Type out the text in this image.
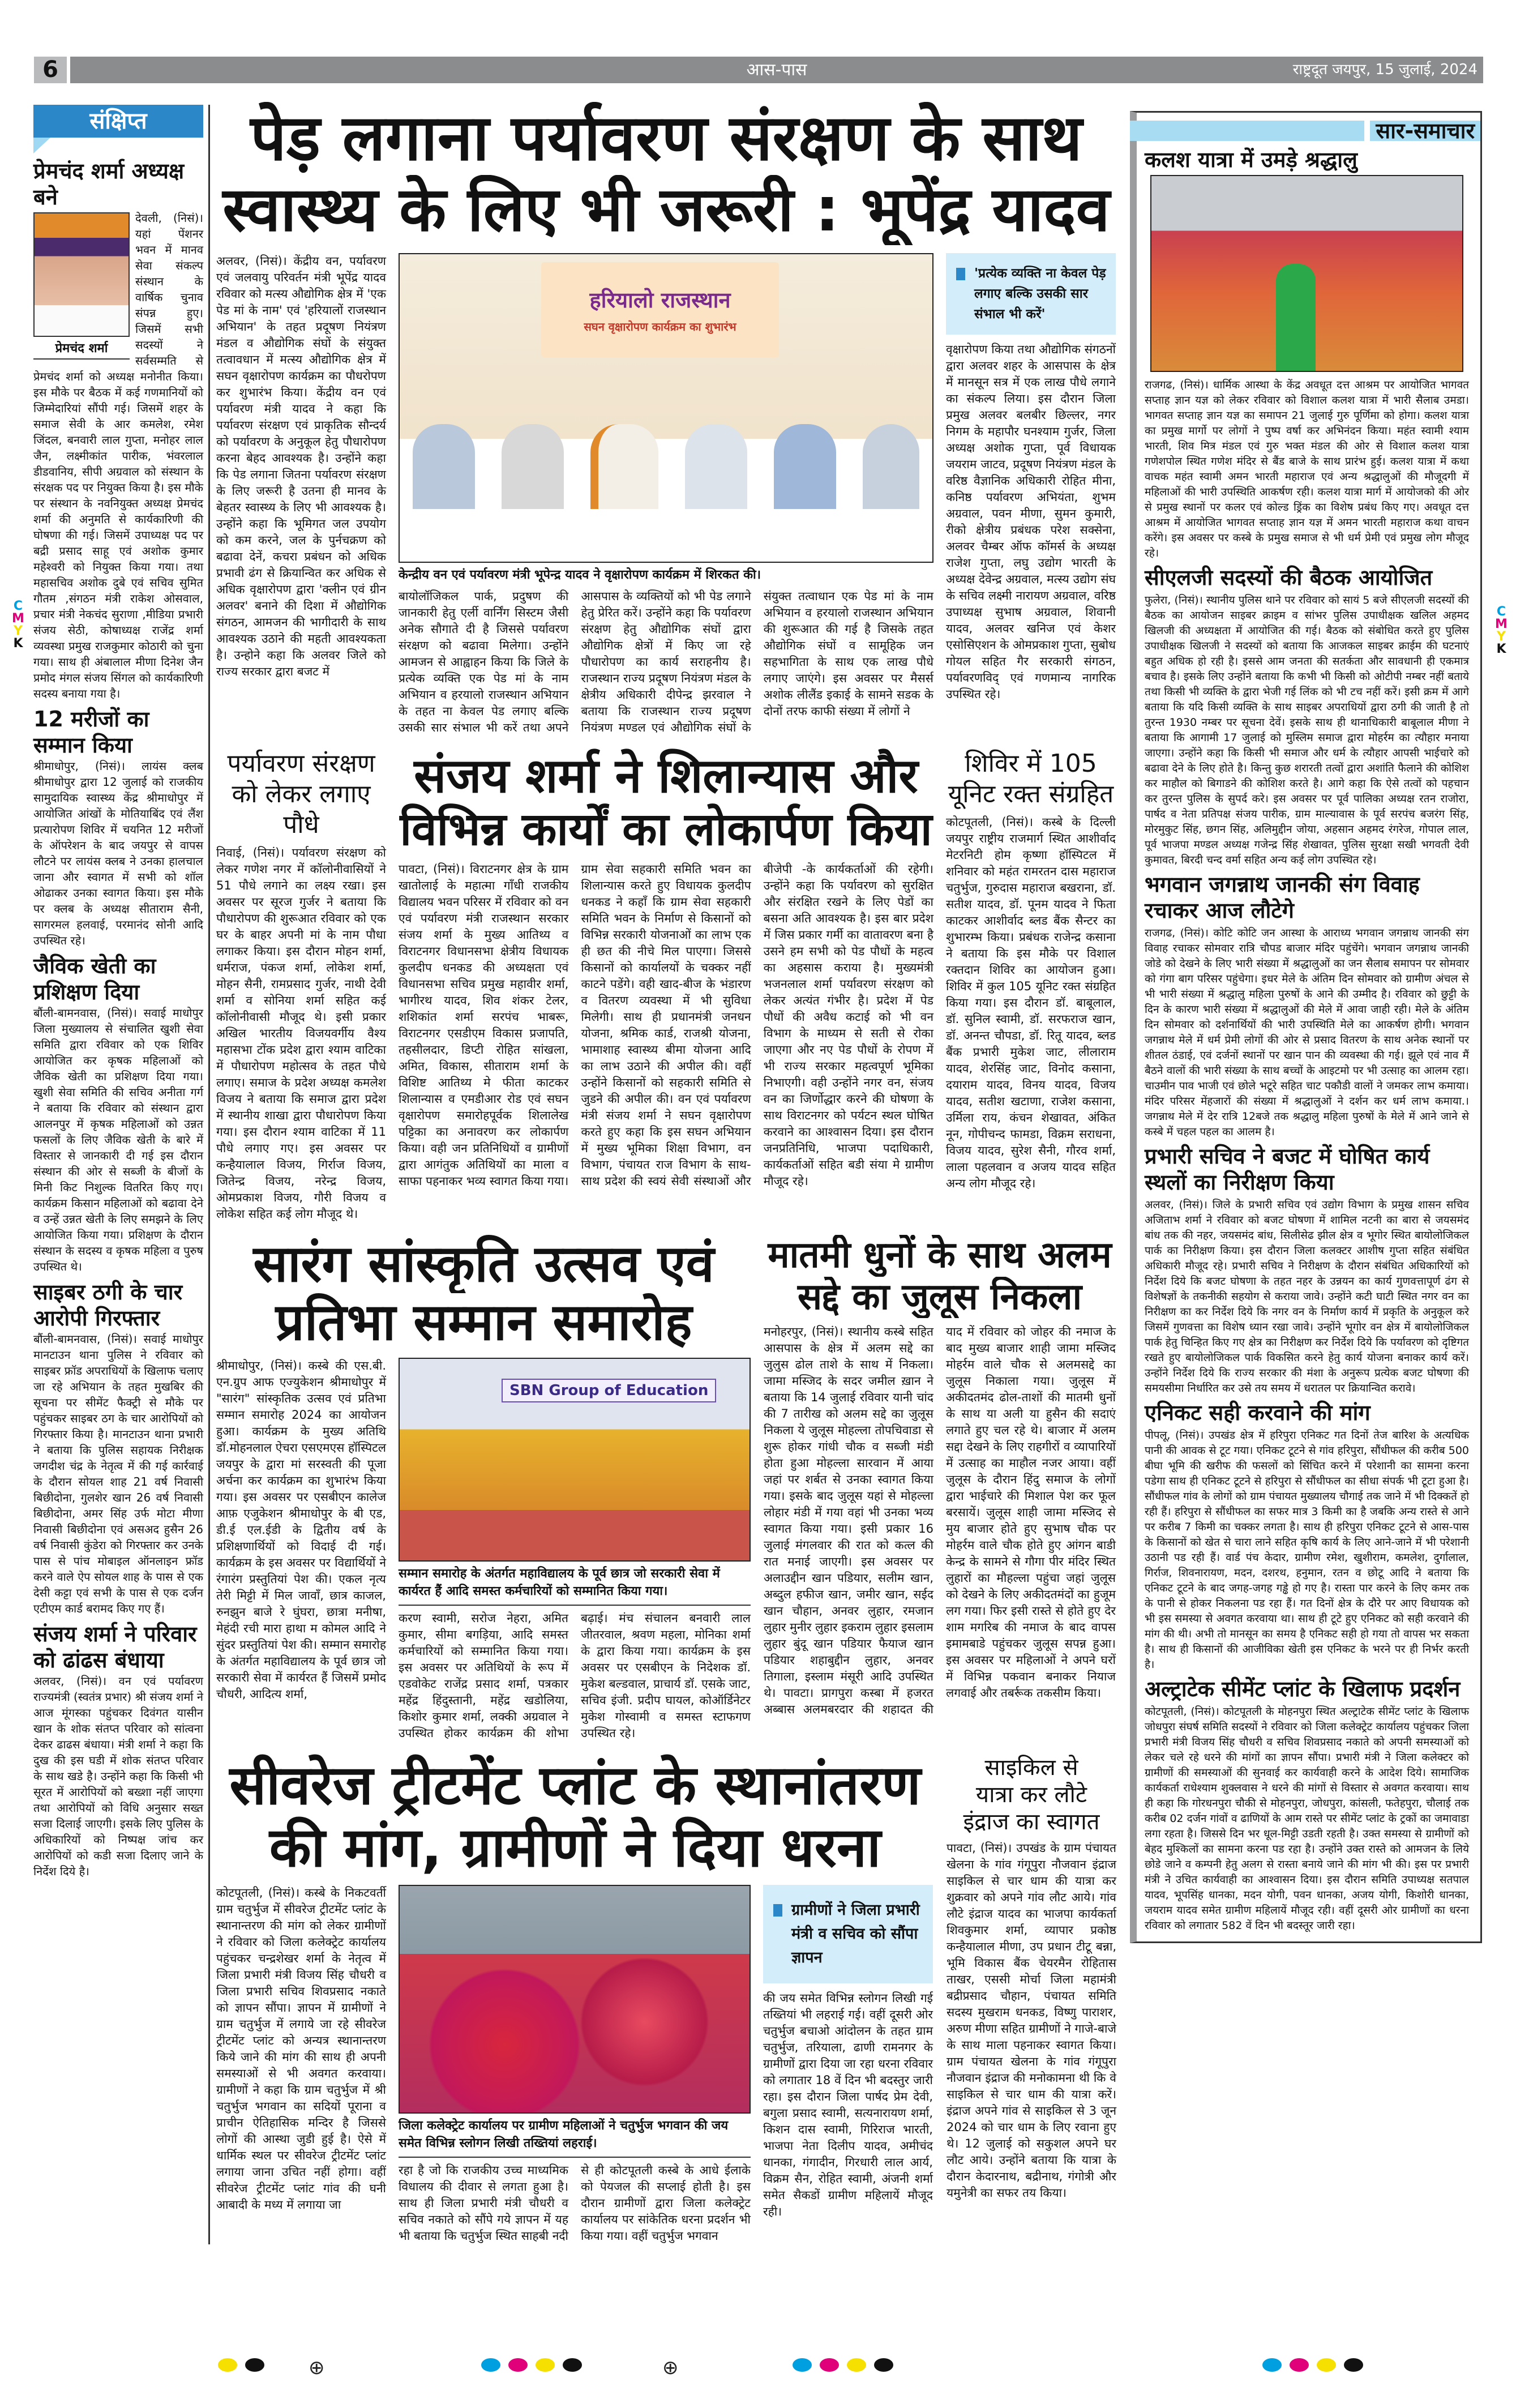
6	आस-पास	राष्ट्रदूत जयपुर, 15 जुलाई, 2024
संक्षिप्त
प्रेमचंद शर्मा अध्यक्ष बने
प्रेमचंद शर्मा
देवली, (निसं)। यहां पेंशनर भवन में मानव सेवा संकल्प संस्थान के वार्षिक चुनाव संपन्न हुए। जिसमें सभी सदस्यों ने सर्वसम्मति से प्रेमचंद शर्मा को अध्यक्ष मनोनीत किया। इस मौके पर बैठक में कई गणमानियों को जिम्मेदारियां सौंपी गई। जिसमें शहर के समाज सेवी के आर कमलेश, रमेश जिंदल, बनवारी लाल गुप्ता, मनोहर लाल जैन, लक्ष्मीकांत पारीक, भंवरलाल डीडवानिय, सीपी अग्रवाल को संस्थान के संरक्षक पद पर नियुक्त किया है। इस मौके पर संस्थान के नवनियुक्त अध्यक्ष प्रेमचंद शर्मा की अनुमति से कार्यकारिणी की घोषणा की गई। जिसमें उपाध्यक्ष पद पर बद्री प्रसाद साहू एवं अशोक कुमार महेश्वरी को नियुक्त किया गया। तथा महासचिव अशोक दुबे एवं सचिव सुमित गौतम ,संगठन मंत्री राकेश ओसवाल, प्रचार मंत्री नेकचंद सुराणा ,मीडिया प्रभारी संजय सेठी, कोषाध्यक्ष राजेंद्र शर्मा व्यवस्था प्रमुख राजकुमार कोठारी को चुना गया। साथ ही अंबालाल मीणा दिनेश जैन प्रमोद मंगल संजय सिंगल को कार्यकारिणी सदस्य बनाया गया है।
12 मरीजों का सम्मान किया
श्रीमाधोपुर, (निसं)। लायंस क्लब श्रीमाधोपुर द्वारा 12 जुलाई को राजकीय सामुदायिक स्वास्थ्य केंद्र श्रीमाधोपुर में आयोजित आंखों के मोतियाबिंद एवं लैंश प्रत्यारोपण शिविर में चयनित 12 मरीजों के ऑपरेशन के बाद जयपुर से वापस लौटने पर लायंस क्लब ने उनका हालचाल जाना और स्वागत में सभी को शॉल ओढाकर उनका स्वागत किया। इस मौके पर क्लब के अध्यक्ष सीताराम सैनी, सागरमल हलवाई, परमानंद सोनी आदि उपस्थित रहे।
जैविक खेती का प्रशिक्षण दिया
बौंली-बामनवास, (निसं)। सवाई माधोपुर जिला मुख्यालय से संचालित खुशी सेवा समिति द्वारा रविवार को एक शिविर आयोजित कर कृषक महिलाओं को जैविक खेती का प्रशिक्षण दिया गया। खुशी सेवा समिति की सचिव अनीता गर्ग ने बताया कि रविवार को संस्थान द्वारा आलनपुर में कृषक महिलाओं को उन्नत फसलों के लिए जैविक खेती के बारे में विस्तार से जानकारी दी गई इस दौरान संस्थान की ओर से सब्जी के बीजों के मिनी किट निशुल्क वितरित किए गए। कार्यक्रम किसान महिलाओं को बढावा देने व उन्हें उन्नत खेती के लिए समझने के लिए आयोजित किया गया। प्रशिक्षण के दौरान संस्थान के सदस्य व कृषक महिला व पुरुष उपस्थित थे।
साइबर ठगी के चार आरोपी गिरफ्तार
बौंली-बामनवास, (निसं)। सवाई माधोपुर मानटाउन थाना पुलिस ने रविवार को साइबर फ्रॉड अपराधियों के खिलाफ चलाए जा रहे अभियान के तहत मुखबिर की सूचना पर सीमेंट फैक्ट्री से मौके पर पहुंचकर साइबर ठग के चार आरोपियों को गिरफ्तार किया है। मानटाउन थाना प्रभारी ने बताया कि पुलिस सहायक निरीक्षक जगदीश चंद्र के नेतृत्व में की गई कार्रवाई के दौरान सोयल शाह 21 वर्ष निवासी बिछीदोना, गुलशेर खान 26 वर्ष निवासी बिछीदोना, अमर सिंह उर्फ मोटा मीणा निवासी बिछीदोना एवं असअद हुसैन 26 वर्ष निवासी कुंडेरा को गिरफ्तार कर उनके पास से पांच मोबाइल ऑनलाइन फ्रॉड करने वाले ऐप सोयल शाह के पास से एक देसी कट्टा एवं सभी के पास से एक दर्जन एटीएम कार्ड बरामद किए गए हैं।
संजय शर्मा ने परिवार को ढांढस बंधाया
अलवर, (निसं)। वन एवं पर्यावरण राज्यमंत्री (स्वतंत्र प्रभार) श्री संजय शर्मा ने आज मूंगस्का पहुंचकर दिवंगत यासीन खान के शोक संतप्त परिवार को सांत्वना देकर ढाढस बंधाया। मंत्री शर्मा ने कहा कि दुख की इस घडी में शोक संतप्त परिवार के साथ खडे है। उन्होंने कहा कि किसी भी सूरत में आरोपियों को बख्शा नहीं जाएगा तथा आरोपियों को विधि अनुसार सख्त सजा दिलाई जाएगी। इसके लिए पुलिस के अधिकारियों को निष्पक्ष जांच कर आरोपियों को कडी सजा दिलाए जाने के निर्देश दिये है।
पेड़ लगाना पर्यावरण संरक्षण के साथ
स्वास्थ्य के लिए भी जरूरी : भूपेंद्र यादव
अलवर, (निसं)। केंद्रीय वन, पर्यावरण एवं जलवायु परिवर्तन मंत्री भूपेंद्र यादव रविवार को मत्स्य औद्योगिक क्षेत्र में 'एक पेड मां के नाम' एवं 'हरियालों राजस्थान अभियान' के तहत प्रदूषण नियंत्रण मंडल व औद्योगिक संघों के संयुक्त तत्वावधान में मत्स्य औद्योगिक क्षेत्र में सघन वृक्षारोपण कार्यक्रम का पौधरोपण कर शुभारंभ किया। केंद्रीय वन एवं पर्यावरण मंत्री यादव ने कहा कि पर्यावरण संरक्षण एवं प्राकृतिक सौन्दर्य को पर्यावरण के अनुकूल हेतु पौधारोपण करना बेहद आवश्यक है। उन्होंने कहा कि पेड लगाना जितना पर्यावरण संरक्षण के लिए जरूरी है उतना ही मानव के बेहतर स्वास्थ्य के लिए भी आवश्यक है। उन्होंने कहा कि भूमिगत जल उपयोग को कम करने, जल के पुर्नचक्रण को बढावा देनें, कचरा प्रबंधन को अधिक प्रभावी ढंग से क्रियान्वित कर अधिक से अधिक वृक्षारोपण द्वारा 'क्लीन एवं ग्रीन अलवर' बनाने की दिशा में औद्योगिक संगठन, आमजन की भागीदारी के साथ आवश्यक उठाने की महती आवश्यकता है। उन्होने कहा कि अलवर जिले को राज्य सरकार द्वारा बजट में
हरियालो राजस्थान
सघन वृक्षारोपण कार्यक्रम का शुभारंभ
केन्द्रीय वन एवं पर्यावरण मंत्री भूपेन्द्र यादव ने वृक्षारोपण कार्यक्रम में शिरकत की।
बायोलॉजिकल पार्क, प्रदुषण की जानकारी हेतु एर्ली वार्निंग सिस्टम जैसी अनेक सौगाते दी है जिससे पर्यावरण संरक्षण को बढावा मिलेगा। उन्होंने आमजन से आह्वाहन किया कि जिले के प्रत्येक व्यक्ति एक पेड मां के नाम अभियान व हरयालो राजस्थान अभियान के तहत ना केवल पेड लगाए बल्कि उसकी सार संभाल भी करें तथा अपने आसपास के व्यक्तियों को भी पेड लगाने हेतु प्रेरित करें। उन्होंने कहा कि पर्यावरण संरक्षण हेतु औद्योगिक संघों द्वारा औद्योगिक क्षेत्रों में किए जा रहे पौधारोपण का कार्य सराहनीय है। राजस्थान राज्य प्रदूषण नियंत्रण मंडल के क्षेत्रीय अधिकारी दीपेन्द्र झरवाल ने बताया कि राजस्थान राज्य प्रदूषण नियंत्रण मण्डल एवं औद्योगिक संघों के संयुक्त तत्वाधान एक पेड मां के नाम अभियान व हरयालो राजस्थान अभियान की शुरूआत की गई है जिसके तहत औद्योगिक संघों व सामूहिक जन सहभागिता के साथ एक लाख पौधे लगाए जाएंगे। इस अवसर पर मैसर्स अशोक लीलैंड इकाई के सामने सडक के दोनों तरफ काफी संख्या में लोगों ने
'प्रत्येक व्यक्ति ना केवल पेड़ लगाए बल्कि उसकी सार संभाल भी करें'
वृक्षारोपण किया तथा औद्योगिक संगठनों द्वारा अलवर शहर के आसपास के क्षेत्र में मानसून सत्र में एक लाख पौधे लगाने का संकल्प लिया। इस दौरान जिला प्रमुख अलवर बलबीर छिल्लर, नगर निगम के महापौर घनश्याम गुर्जर, जिला अध्यक्ष अशोक गुप्ता, पूर्व विधायक जयराम जाटव, प्रदूषण नियंत्रण मंडल के वरिष्ठ वैज्ञानिक अधिकारी रोहित मीना, कनिष्ठ पर्यावरण अभियंता, शुभम अग्रवाल, पवन मीणा, सुमन कुमारी, रीको क्षेत्रीय प्रबंधक परेश सक्सेना, अलवर चैम्बर ऑफ कॉमर्स के अध्यक्ष राजेश गुप्ता, लघु उद्योग भारती के अध्यक्ष देवेन्द्र अग्रवाल, मत्स्य उद्योग संघ के सचिव लक्ष्मी नारायण अग्रवाल, वरिष्ठ उपाध्यक्ष सुभाष अग्रवाल, शिवानी यादव, अलवर खनिज एवं केशर एसोसिएशन के ओमप्रकाश गुप्ता, सुबोध गोयल सहित गैर सरकारी संगठन, पर्यावरणविद् एवं गणमान्य नागरिक उपस्थित रहे।
पर्यावरण संरक्षण को लेकर लगाए पौधे
निवाई, (निसं)। पर्यावरण संरक्षण को लेकर गणेश नगर में कॉलोनीवासियों ने 51 पौधे लगाने का लक्ष्य रखा। इस अवसर पर सूरज गुर्जर ने बताया कि पौधारोपण की शुरूआत रविवार को एक घर के बाहर अपनी मां के नाम पौधा लगाकर किया। इस दौरान मोहन शर्मा, धर्मराज, पंकज शर्मा, लोकेश शर्मा, मोहन सैनी, रामप्रसाद गुर्जर, नाथी देवी शर्मा व सोनिया शर्मा सहित कई कॉलोनीवासी मौजूद थे। इसी प्रकार अखिल भारतीय विजयवर्गीय वैश्य महासभा टोंक प्रदेश द्वारा श्याम वाटिका में पौधारोपण महोत्सव के तहत पौधे लगाए। समाज के प्रदेश अध्यक्ष कमलेश विजय ने बताया कि समाज द्वारा प्रदेश में स्थानीय शाखा द्वारा पौधारोपण किया गया। इस दौरान श्याम वाटिका में 11 पौधे लगाए गए। इस अवसर पर कन्हैयालाल विजय, गिर्राज विजय, जितेन्द्र विजय, नरेन्द्र विजय, ओमप्रकाश विजय, गौरी विजय व लोकेश सहित कई लोग मौजूद थे।
संजय शर्मा ने शिलान्यास और
विभिन्न कार्यों का लोकार्पण किया
पावटा, (निसं)। विराटनगर क्षेत्र के ग्राम खातोलाई के महात्मा गाँधी राजकीय विद्यालय भवन परिसर में रविवार को वन एवं पर्यावरण मंत्री राजस्थान सरकार संजय शर्मा के मुख्य आतिथ्य व विराटनगर विधानसभा क्षेत्रीय विधायक कुलदीप धनकड की अध्यक्षता एवं विधानसभा सचिव प्रमुख महावीर शर्मा, भागीरथ यादव, शिव शंकर टेलर, शशिकांत शर्मा सरपंच भाबरू, विराटनगर एसडीएम विकास प्रजापति, तहसीलदार, डिप्टी रोहित सांखला, अमित, विकास, सीताराम शर्मा के विशिष्ट आतिथ्य मे फीता काटकर शिलान्यास व एमडीआर रोड एवं सघन वृक्षारोपण समारोहपूर्वक शिलालेख पट्टिका का अनावरण कर लोकार्पण किया। वही जन प्रतिनिधियों व ग्रामीणों द्वारा आगंतुक अतिथियों का माला व साफा पहनाकर भव्य स्वागत किया गया। ग्राम सेवा सहकारी समिति भवन का शिलान्यास करते हुए विधायक कुलदीप धनकड ने कहाँ कि ग्राम सेवा सहकारी समिति भवन के निर्माण से किसानों को विभिन्न सरकारी योजनाओं का लाभ एक ही छत की नीचे मिल पाएगा। जिससे किसानों को कार्यालयों के चक्कर नहीं काटने पडेंगे। वही खाद-बीज के भंडारण व वितरण व्यवस्था में भी सुविधा मिलेगी। साथ ही प्रधानमंत्री जनधन योजना, श्रमिक कार्ड, राजश्री योजना, भामाशाह स्वास्थ्य बीमा योजना आदि का लाभ उठाने की अपील की। वहीं उन्होंने किसानों को सहकारी समिति से जुडने की अपील की। वन एवं पर्यावरण मंत्री संजय शर्मा ने सघन वृक्षारोपण करते हुए कहा कि इस सघन अभियान में मुख्य भूमिका शिक्षा विभाग, वन विभाग, पंचायत राज विभाग के साथ-साथ प्रदेश की स्वयं सेवी संस्थाओं और बीजेपी -के कार्यकर्ताओं की रहेगी। उन्होंने कहा कि पर्यावरण को सुरक्षित और संरक्षित रखने के लिए पेडों का बसना अति आवश्यक है। इस बार प्रदेश में जिस प्रकार गर्मी का वातावरण बना है उसने हम सभी को पेड पौधों के महत्व का अहसास कराया है। मुख्यमंत्री भजनलाल शर्मा पर्यावरण संरक्षण को लेकर अत्यंत गंभीर है। प्रदेश में पेड पौधों की अवैध कटाई को भी वन विभाग के माध्यम से सती से रोका जाएगा और नए पेड पौधों के रोपण में भी राज्य सरकार महत्वपूर्ण भूमिका निभाएगी। वही उन्होंने नगर वन, संजय वन का जिर्णोद्धार करने की घोषणा के साथ विराटनगर को पर्यटन स्थल घोषित करवाने का आश्वासन दिया। इस दौरान जनप्रतिनिधि, भाजपा पदाधिकारी, कार्यकर्ताओं सहित बडी संया मे ग्रामीण मौजूद रहे।
शिविर में 105
यूनिट रक्त संग्रहित
कोटपूतली, (निसं)। कस्बे के दिल्ली जयपुर राष्ट्रीय राजमार्ग स्थित आशीर्वाद मेटरनिटी होम कृष्णा हॉस्पिटल में शनिवार को महंत रामरतन दास महाराज चतुर्भुज, गुरुदास महाराज बखराना, डॉ. सतीश यादव, डॉ. पूनम यादव ने फिता काटकर आशीर्वाद ब्लड बैंक सैन्टर का शुभारम्भ किया। प्रबंधक राजेन्द्र कसाना ने बताया कि इस मौके पर विशाल रक्तदान शिविर का आयोजन हुआ। शिविर में कुल 105 यूनिट रक्त संग्रहित किया गया। इस दौरान डॉ. बाबूलाल, डॉ. सुनिल स्वामी, डॉ. सरफराज खान, डॉ. अनन्त चौपडा, डॉ. रितू यादव, ब्लड बैंक प्रभारी मुकेश जाट, लीलाराम यादव, शेरसिंह जाट, विनोद कसाना, दयाराम यादव, विनय यादव, विजय यादव, सतीश खटाणा, राजेश कसाना, उर्मिला राय, कंचन शेखावत, अंकित नून, गोपीचन्द फामडा, विक्रम सराधना, विजय यादव, सुरेश सैनी, गौरव शर्मा, लाला पहलवान व अजय यादव सहित अन्य लोग मौजूद रहे।
सारंग सांस्कृति उत्सव एवं
प्रतिभा सम्मान समारोह
श्रीमाधोपुर, (निसं)। कस्बे की एस.बी. एन.ग्रुप आफ एज्युकेशन श्रीमाधोपुर में "सारंग" सांस्कृतिक उत्सव एवं प्रतिभा सम्मान समारोह 2024 का आयोजन हुआ। कार्यक्रम के मुख्य अतिथि डॉ.मोहनलाल ऐचरा एसएमएस हॉस्पिटल जयपुर के द्वारा मां सरस्वती की पूजा अर्चना कर कार्यक्रम का शुभारंभ किया गया। इस अवसर पर एसबीएन कालेज आफ़ एजुकेशन श्रीमाधोपुर के बी एड, डी.ई एल.ईडी के द्वितीय वर्ष के प्रशिक्षणार्थियों को विदाई दी गई। कार्यक्रम के इस अवसर पर विद्यार्थियों ने रंगारंग प्रस्तुतियां पेश की। एकल नृत्य तेरी मिट्टी में मिल जावॉं, छात्र काजल, रुनझुन बाजे रे घुंघरा, छात्रा मनीषा, मेहंदी रची मारा हाथा म कोमल आदि ने सुंदर प्रस्तुतियां पेश की। सम्मान समारोह के अंतर्गत महाविद्यालय के पूर्व छात्र जो सरकारी सेवा में कार्यरत हैं जिसमें प्रमोद चौधरी, आदित्य शर्मा,
SBN Group of Education
सम्मान समारोह के अंतर्गत महाविद्यालय के पूर्व छात्र जो सरकारी सेवा में कार्यरत हैं आदि समस्त कर्मचारियों को सम्मानित किया गया।
करण स्वामी, सरोज नेहरा, अमित कुमार, सीमा बगड़िया, आदि समस्त कर्मचारियों को सम्मानित किया गया। इस अवसर पर अतिथियों के रूप में एडवोकेट राजेंद्र प्रसाद शर्मा, पत्रकार महेंद्र हिंदुस्तानी, महेंद्र खडोलिया, किशोर कुमार शर्मा, लक्की अग्रवाल ने उपस्थित होकर कार्यक्रम की शोभा बढ़ाई। मंच संचालन बनवारी लाल जीतरवाल, श्रवण महला, मोनिका शर्मा के द्वारा किया गया। कार्यक्रम के इस अवसर पर एसबीएन के निदेशक डॉ. मुकेश बल्डवाल, प्राचार्य डॉ. एसके जाट, सचिव इंजी. प्रदीप घायल, कोऑर्डिनेटर मुकेश गोस्वामी व समस्त स्टाफगण उपस्थित रहे।
मातमी धुनों के साथ अलम
सद्दे का जुलूस निकला
मनोहरपुर, (निसं)। स्थानीय कस्बे सहित आसपास के क्षेत्र में अलम सद्दे का जुलुस ढोल ताशे के साथ में निकला। जामा मस्जिद के सदर जमील ख़ान ने बताया कि 14 जुलाई रविवार यानी चांद की 7 तारीख को अलम सद्दे का जुलूस निकला ये जुलूस मोहल्ला तोपचिवाडा से शुरू होकर गांधी चौक व सब्जी मंडी होता हुआ मोहल्ला सारवान में आया जहां पर शर्बत से उनका स्वागत किया गया। इसके बाद जुलूस यहां से मोहल्ला लोहार मंडी में गया वहां भी उनका भव्य स्वागत किया गया। इसी प्रकार 16 जुलाई मंगलवार की रात को कत्ल की रात मनाई जाएगी। इस अवसर पर अलाउद्दीन खान पडियार, सलीम खान, अब्दुल हफीज खान, जमीर खान, सईद खान चौहान, अनवर लुहार, रमजान लुहार मुनीर लुहार इकराम लुहार इसलाम लुहार बुंदू खान पडियार फैयाज खान पडियार शहाबुद्दीन लुहार, अनवर तिगाला, इस्लाम मंसूरी आदि उपस्थित थे। पावटा। प्रागपुरा कस्बा में हजरत अब्बास अलमबरदार की शहादत की याद में रविवार को जोहर की नमाज के बाद मुख्य बाजार शाही जामा मस्जिद मोहर्रम वाले चौक से अलमसद्दे का जुलूस निकाला गया। जुलूस में अकीदतमंद ढोल-ताशों की मातमी धुनों के साथ या अली या हुसैन की सदाएं लगाते हुए चल रहे थे। बाजार में अलम सद्दा देखने के लिए राहगीरों व व्यापारियों में उत्साह का माहौल नजर आया। वहीं जुलूस के दौरान हिंदु समाज के लोगों द्वारा भाईचारे की मिशाल पेश कर फूल बरसायें। जुलूस शाही जामा मस्जिद से मुय बाजार होते हुए सुभाष चौक पर मोहर्रम वाले चौक होते हुए आंगन बाडी केन्द्र के सामने से गौगा पीर मंदिर स्थित लुहारों का मौहल्ला पहुंचा जहां जुलूस को देखने के लिए अकीदतमंदों का हुजूम लग गया। फिर इसी रास्ते से होते हुए देर शाम मगरिब की नमाज के बाद वापस इमामबाडे पहुंचकर जुलूस सपन्न हुआ। इस अवसर पर महिलाओं ने अपने घरों में विभिन्न पकवान बनाकर नियाज लगवाई और तबर्रूक तकसीम किया।
सीवरेज ट्रीटमेंट प्लांट के स्थानांतरण
की मांग, ग्रामीणों ने दिया धरना
कोटपूतली, (निसं)। कस्बे के निकटवर्ती ग्राम चतुर्भुज में सीवरेज ट्रीटमेंट प्लांट के स्थानान्तरण की मांग को लेकर ग्रामीणों ने रविवार को जिला कलेक्ट्रेट कार्यालय पहुंचकर चन्द्रशेखर शर्मा के नेतृत्व में जिला प्रभारी मंत्री विजय सिंह चौधरी व जिला प्रभारी सचिव शिवप्रसाद नकाते को ज्ञापन सौंपा। ज्ञापन में ग्रामीणों ने ग्राम चतुर्भुज में लगाये जा रहे सीवरेज ट्रीटमेंट प्लांट को अन्यत्र स्थानान्तरण किये जाने की मांग की साथ ही अपनी समस्याओं से भी अवगत करवाया। ग्रामीणों ने कहा कि ग्राम चतुर्भुज में श्री चतुर्भुज भगवान का सदियों पूराना व प्राचीन ऐतिहासिक मन्दिर है जिससे लोगों की आस्था जुडी हुई है। ऐसे में धार्मिक स्थल पर सीवरेज ट्रीटमेंट प्लांट लगाया जाना उचित नहीं होगा। वहीं सीवरेज ट्रीटमेंट प्लांट गांव की घनी आबादी के मध्य में लगाया जा
जिला कलेक्ट्रेट कार्यालय पर ग्रामीण महिलाओं ने चतुर्भुज भगवान की जय समेत विभिन्न स्लोगन लिखी तख्तियां लहराई।
रहा है जो कि राजकीय उच्च माध्यमिक विधालय की दीवार से लगता हुआ है। साथ ही जिला प्रभारी मंत्री चौधरी व सचिव नकाते को सौंपे गये ज्ञापन में यह भी बताया कि चतुर्भुज स्थित साहबी नदी से ही कोटपूतली कस्बे के आधे ईलाके को पेयजल की सप्लाई होती है। इस दौरान ग्रामीणों द्वारा जिला कलेक्ट्रेट कार्यालय पर सांकेतिक धरना प्रदर्शन भी किया गया। वहीं चतुर्भुज भगवान
ग्रामीणों ने जिला प्रभारी मंत्री व सचिव को सौंपा ज्ञापन
की जय समेत विभिन्न स्लोगन लिखी गई तख्तियां भी लहराई गई। वहीं दूसरी ओर चतुर्भुज बचाओ आंदोलन के तहत ग्राम चतुर्भुज, तरियाला, ढाणी रामनगर के ग्रामीणों द्वारा दिया जा रहा धरना रविवार को लगातार 18 वें दिन भी बदस्तुर जारी रहा। इस दौरान जिला पार्षद प्रेम देवी, बगुला प्रसाद स्वामी, सत्यनारायण शर्मा, किशन दास स्वामी, गिरिराज भारती, भाजपा नेता दिलीप यादव, अमीचंद धानका, गंगादीन, गिरधारी लाल आर्य, विक्रम सैन, रोहित स्वामी, अंजनी शर्मा समेत सैकडों ग्रामीण महिलायें मौजूद रही।
साइकिल से
यात्रा कर लौटे
इंद्राज का स्वागत
पावटा, (निसं)। उपखंड के ग्राम पंचायत खेलना के गांव गंगूपुरा नौजवान इंद्राज साइकिल से चार धाम की यात्रा कर शुक्रवार को अपने गांव लौट आये। गांव लौटे इंद्राज यादव का भाजपा कार्यकर्ता शिवकुमार शर्मा, व्यापार प्रकोष्ठ कन्हैयालाल मीणा, उप प्रधान टीटू बन्ना, भूमि विकास बैंक चेयरमैन रोहितास ताखर, एससी मोर्चा जिला महामंत्री बद्रीप्रसाद चौहान, पंचायत समिति सदस्य मुखराम धनकड, विष्णु पाराशर, अरुण मीणा सहित ग्रामीणों ने गाजे-बाजे के साथ माला पहनाकर स्वागत किया। ग्राम पंचायत खेलना के गांव गंगूपुरा नौजवान इंद्राज की मनोकामना थी कि वे साइकिल से चार धाम की यात्रा करें। इंद्राज अपने गांव से साइकिल से 3 जून 2024 को चार धाम के लिए रवाना हुए थे। 12 जुलाई को सकुशल अपने घर लौट आये। उन्होंने बताया कि यात्रा के दौरान केदारनाथ, बद्रीनाथ, गंगोत्री और यमुनेत्री का सफर तय किया।
सार-समाचार
कलश यात्रा में उमड़े श्रद्धालु
राजगढ, (निसं)। धार्मिक आस्था के केंद्र अवधूत दत्त आश्रम पर आयोजित भागवत सप्ताह ज्ञान यज्ञ को लेकर रविवार को विशाल कलश यात्रा में भारी सैलाब उमडा। भागवत सप्ताह ज्ञान यज्ञ का समापन 21 जुलाई गुरु पूर्णिमा को होगा। कलश यात्रा का प्रमुख मार्गो पर लोगों ने पुष्प वर्षा कर अभिनंदन किया। महंत स्वामी श्याम भारती, शिव मित्र मंडल एवं गुरु भक्त मंडल की ओर से विशाल कलश यात्रा गणेशपोल स्थित गणेश मंदिर से बैंड बाजे के साथ प्रारंभ हुई। कलश यात्रा में कथा वाचक महंत स्वामी अमन भारती महाराज एवं अन्य श्रद्धालुओं की मौजूदगी में महिलाओं की भारी उपस्थिति आकर्षण रही। कलश यात्रा मार्ग में आयोजको की ओर से प्रमुख स्थानों पर कलर एवं कोल्ड ड्रिंक का विशेष प्रबंध किए गए। अवधूत दत्त आश्रम में आयोजित भागवत सप्ताह ज्ञान यज्ञ में अमन भारती महाराज कथा वाचन करेंगे। इस अवसर पर कस्बे के प्रमुख समाज से भी धर्म प्रेमी एवं प्रमुख लोग मौजूद रहे।
सीएलजी सदस्यों की बैठक आयोजित
फुलेरा, (निसं)। स्थानीय पुलिस थाने पर रविवार को सायं 5 बजे सीएलजी सदस्यों की बैठक का आयोजन साइबर क्राइम व सांभर पुलिस उपाधीक्षक खलिल अहमद खिलजी की अध्यक्षता में आयोजित की गई। बैठक को संबोधित करते हुए पुलिस उपाधीक्षक खिलजी ने सदस्यों को बताया कि आजकल साइबर क्राईम की घटनाएं बहुत अधिक हो रही है। इससे आम जनता की सतर्कता और सावधानी ही एकमात्र बचाव है। इसके लिए उन्होंने बताया कि कभी भी किसी को ओटीपी नम्बर नहीं बताये तथा किसी भी व्यक्ति के द्वारा भेजी गई लिंक को भी टच नहीं करें। इसी क्रम में आगे बताया कि यदि किसी व्यक्ति के साथ साइबर अपराधियों द्वारा ठगी की जाती है तो तुरन्त 1930 नम्बर पर सूचना देवें। इसके साथ ही थानाधिकारी बाबूलाल मीणा ने बताया कि आगामी 17 जुलाई को मुस्लिम समाज द्वारा मोहर्रम का त्यौहार मनाया जाएगा। उन्होंने कहा कि किसी भी समाज और धर्म के त्यौहार आपसी भाईचारे को बढावा देने के लिए होते है। किन्तु कुछ शरारती तत्वों द्वारा अशांति फैलाने की कोशिश कर माहौल को बिगाडने की कोशिश करते है। आगे कहा कि ऐसे तत्वों को पहचान कर तुरन्त पुलिस के सुपर्द करे। इस अवसर पर पूर्व पालिका अध्यक्ष रतन राजोरा, पार्षद व नेता प्रतिपक्ष संजय पारीक, ग्राम माल्यावास के पूर्व सरपंच बजरंग सिंह, मोरमुकुट सिंह, छगन सिंह, अलिमुद्दीन जोया, अहसान अहमद रंगरेज, गोपाल लाल, पूर्व भाजपा मण्डल अध्यक्ष गजेन्द्र सिंह शेखावत, पुलिस सुरक्षा सखी भगवती देवी कुमावत, बिरदी चन्द वर्मा सहित अन्य कई लोग उपस्थित रहे।
भगवान जगन्नाथ जानकी संग विवाह रचाकर आज लौटेगे
राजगढ, (निसं)। कोटि कोटि जन आस्था के आराध्य भगवान जगन्नाथ जानकी संग विवाह रचाकर सोमवार रात्रि चौपड बाजार मंदिर पहुंचेंगे। भगवान जगन्नाथ जानकी जोडे को देखने के लिए भारी संख्या में श्रद्धालुओं का जन सैलाब समापन पर सोमवार को गंगा बाग परिसर पहुंचेगा। इधर मेले के अंतिम दिन सोमवार को ग्रामीण अंचल से भी भारी संख्या में श्रद्धालु महिला पुरुषों के आने की उम्मीद है। रविवार को छुट्टी के दिन के कारण भारी संख्या में श्रद्धालुओं की मेले में आवा जाही रही। मेले के अंतिम दिन सोमवार को दर्शनार्थियों की भारी उपस्थिति मेले का आकर्षण होगी। भगवान जगन्नाथ मेले में धर्म प्रेमी लोगों की ओर से प्रसाद वितरण के साथ अनेक स्थानों पर शीतल ठंडाई, एवं दर्जनों स्थानों पर खान पान की व्यवस्था की गई। झूले एवं नाव मैं बैठने वालों की भारी संख्या के साथ बच्चों के आइटमो पर भी उत्साह का आलम रहा। चाउमीन पाव भाजी एवं छोले भटूरे सहित चाट पकौडी वालों ने जमकर लाभ कमाया। मंदिर परिसर मेंहजारों की संख्या में श्रद्धालुओं ने दर्शन कर धर्म लाभ कमाया.। जगन्नाथ मेले में देर रात्रि 12बजे तक श्रद्धालु महिला पुरुषों के मेले में आने जाने से कस्बे में चहल पहल का आलम है।
प्रभारी सचिव ने बजट में घोषित कार्य स्थलों का निरीक्षण किया
अलवर, (निसं)। जिले के प्रभारी सचिव एवं उद्योग विभाग के प्रमुख शासन सचिव अजिताभ शर्मा ने रविवार को बजट घोषणा में शामिल नटनी का बारा से जयसमंद बांध तक की नहर, जयसमंद बांध, सिलीसेढ झील क्षेत्र व भूगोर स्थित बायोलोजिकल पार्क का निरीक्षण किया। इस दौरान जिला कलक्टर आशीष गुप्ता सहित संबंधित अधिकारी मौजूद रहे। प्रभारी सचिव ने निरीक्षण के दौरान संबंधित अधिकारियों को निर्देश दिये कि बजट घोषणा के तहत नहर के उन्नयन का कार्य गुणवत्तापूर्ण ढंग से विशेषज्ञों के तकनीकी सहयोग से कराया जावे। उन्होंने कटी घाटी स्थित नगर वन का निरीक्षण का कर निर्देश दिये कि नगर वन के निर्माण कार्य में प्रकृति के अनुकूल करे जिसमें गुणवत्ता का विशेष ध्यान रखा जावे। उन्होंने भूगोर वन क्षेत्र में बायोलोजिकल पार्क हेतु चिन्हित किए गए क्षेत्र का निरीक्षण कर निर्देश दिये कि पर्यावरण को दृष्टिगत रखते हुए बायोलोजिकल पार्क विकसित करने हेतु कार्य योजना बनाकर कार्य करें। उन्होंने निर्देश दिये कि राज्य सरकार की मंशा के अनुरूप प्रत्येक बजट घोषणा की समयसीमा निर्धारित कर उसे तय समय में धरातल पर क्रियान्वित करावे।
एनिकट सही करवाने की मांग
पीपलू, (निसं)। उपखंड क्षेत्र में हरिपुरा एनिकट गत दिनों तेज बारिश के अत्यधिक पानी की आवक से टूट गया। एनिकट टूटने से गांव हरिपुरा, सौंधीफल की करीब 500 बीघा भूमि की खरीफ की फसलों को सिंचित करने में परेशानी का सामना करना पडेगा साथ ही एनिकट टूटने से हरिपुरा से सौंधीफल का सीधा संपर्क भी टूटा हुआ है। सौंधीफल गांव के लोगों को ग्राम पंचायत मुख्यालय चौगाई तक जाने में भी दिक्कतें हो रही हैं। हरिपुरा से सौंधीफल का सफर मात्र 3 किमी का है जबकि अन्य रास्ते से आने पर करीब 7 किमी का चक्कर लगता है। साथ ही हरिपुरा एनिकट टूटने से आस-पास के किसानों को खेत से चारा लाने सहित कृषि कार्य के लिए आने-जाने में भी परेशानी उठानी पड रही हैं। वार्ड पंच केदार, ग्रामीण रमेश, खुशीराम, कमलेश, दुर्गालाल, गिर्राज, शिवनारायण, मदन, दशरथ, हनुमान, रतन व छोटू आदि ने बताया कि एनिकट टूटने के बाद जगह-जगह गड्ढे हो गए है। रास्ता पार करने के लिए कमर तक के पानी से होकर निकलना पड रहा हैं। गत दिनों क्षेत्र के दौरे पर आए विधायक को भी इस समस्या से अवगत करवाया था। साथ ही टूटे हुए एनिकट को सही करवाने की मांग की थी। अभी तो मानसून का समय है एनिकट सही हो गया तो वापस भर सकता है। साथ ही किसानों की आजीविका खेती इस एनिकट के भरने पर ही निर्भर करती है।
अल्ट्राटेक सीमेंट प्लांट के खिलाफ प्रदर्शन
कोटपूतली, (निसं)। कोटपूतली के मोहनपुरा स्थित अल्ट्राटेक सीमेंट प्लांट के खिलाफ जोधपुरा संघर्ष समिति सदस्यों ने रविवार को जिला कलेक्ट्रेट कार्यालय पहुंचकर जिला प्रभारी मंत्री विजय सिंह चौधरी व सचिव शिवप्रसाद नकाते को अपनी समस्याओं को लेकर चले रहे धरने की मांगों का ज्ञापन सौंपा। प्रभारी मंत्री ने जिला कलेक्टर को ग्रामीणों की समस्याओं की सुनवाई कर कार्यवाही करने के आदेश दिये। सामाजिक कार्यकर्ता राधेश्याम शुक्लवास ने धरने की मांगों से विस्तार से अवगत करवाया। साथ ही कहा कि गोरधनपुरा चौकी से मोहनपुरा, जोधपुरा, कांसली, फतेहपुरा, चौलाई तक करीब 02 दर्जन गांवों व ढाणियों के आम रास्ते पर सीमेंट प्लांट के ट्रकों का जमावाडा लगा रहता है। जिससे दिन भर धूल-मिट्टी उडती रहती है। उक्त समस्या से ग्रामीणों को बेहद मुश्किलों का सामना करना पड रहा है। उन्होंने उक्त रास्ते को आमजन के लिये छोडे जाने व कम्पनी हेतु अलग से रास्ता बनाये जाने की मांग भी की। इस पर प्रभारी मंत्री ने उचित कार्यवाही का आश्वासन दिया। इस दौरान समिति उपाध्यक्ष सतपाल यादव, भूपसिंह धानका, मदन योगी, पवन धानका, अजय योगी, किशोरी धानका, जयराम यादव समेत ग्रामीण महिलायें मौजूद रही। वहीं दूसरी ओर ग्रामीणों का धरना रविवार को लगातार 582 वें दिन भी बदस्तूर जारी रहा।
C
M
Y
K
C
M
Y
K
⊕	⊕
